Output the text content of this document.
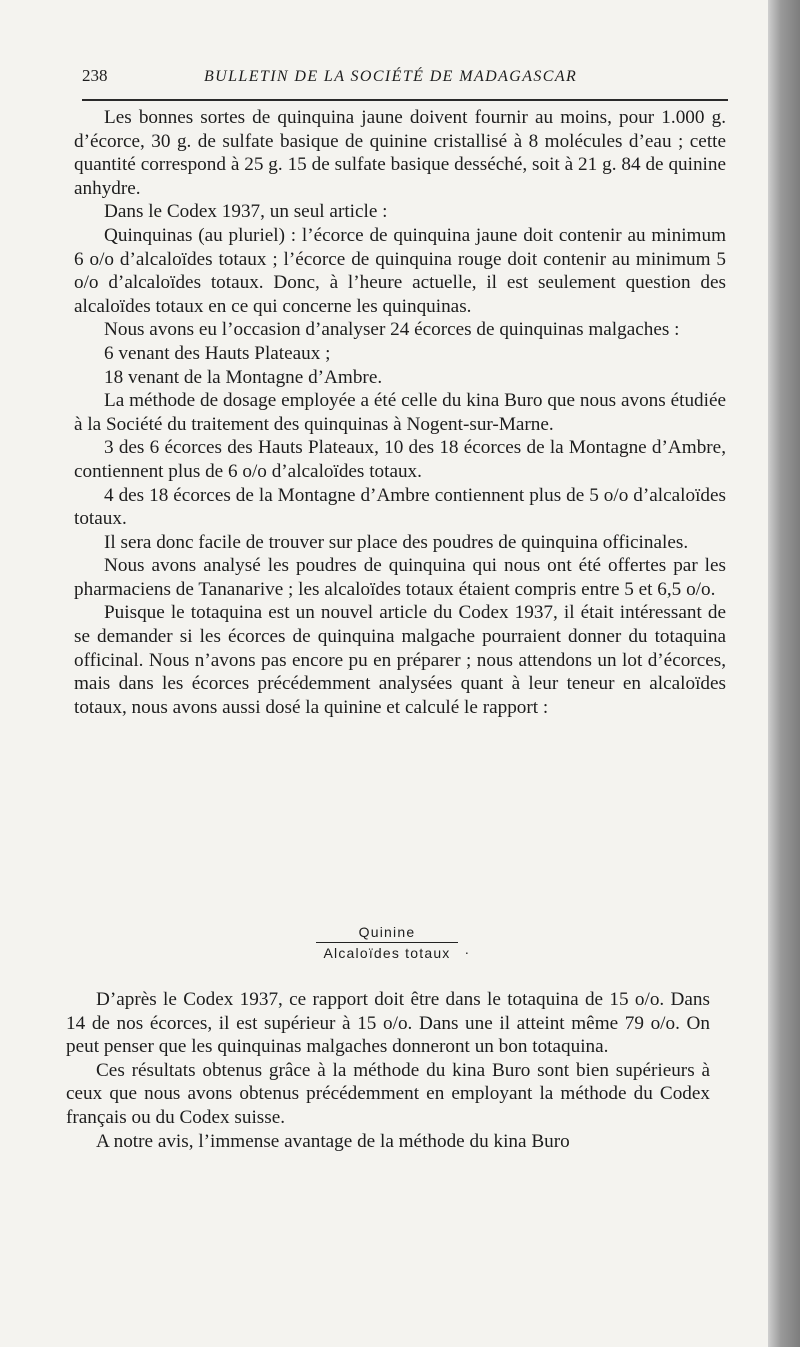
238	BULLETIN DE LA SOCIÉTÉ DE MADAGASCAR

Les bonnes sortes de quinquina jaune doivent fournir au moins, pour 1.000 g. d’écorce, 30 g. de sulfate basique de quinine cristallisé à 8 molécules d’eau ; cette quantité correspond à 25 g. 15 de sulfate basique desséché, soit à 21 g. 84 de quinine anhydre.

Dans le Codex 1937, un seul article :

Quinquinas (au pluriel) : l’écorce de quinquina jaune doit contenir au minimum 6 o/o d’alcaloïdes totaux ; l’écorce de quinquina rouge doit contenir au minimum 5 o/o d’alcaloïdes totaux. Donc, à l’heure actuelle, il est seulement question des alcaloïdes totaux en ce qui concerne les quinquinas.

Nous avons eu l’occasion d’analyser 24 écorces de quinquinas malgaches :

6 venant des Hauts Plateaux ;

18 venant de la Montagne d’Ambre.

La méthode de dosage employée a été celle du kina Buro que nous avons étudiée à la Société du traitement des quinquinas à Nogent-sur-Marne.

3 des 6 écorces des Hauts Plateaux, 10 des 18 écorces de la Montagne d’Ambre, contiennent plus de 6 o/o d’alcaloïdes totaux.

4 des 18 écorces de la Montagne d’Ambre contiennent plus de 5 o/o d’alcaloïdes totaux.

Il sera donc facile de trouver sur place des poudres de quinquina officinales.

Nous avons analysé les poudres de quinquina qui nous ont été offertes par les pharmaciens de Tananarive ; les alcaloïdes totaux étaient compris entre 5 et 6,5 o/o.

Puisque le totaquina est un nouvel article du Codex 1937, il était intéressant de se demander si les écorces de quinquina malgache pourraient donner du totaquina officinal. Nous n’avons pas encore pu en préparer ; nous attendons un lot d’écorces, mais dans les écorces précédemment analysées quant à leur teneur en alcaloïdes totaux, nous avons aussi dosé la quinine et calculé le rapport :

Quinine
Alcaloïdes totaux	.

D’après le Codex 1937, ce rapport doit être dans le totaquina de 15 o/o. Dans 14 de nos écorces, il est supérieur à 15 o/o. Dans une il atteint même 79 o/o. On peut penser que les quinquinas malgaches donneront un bon totaquina.

Ces résultats obtenus grâce à la méthode du kina Buro sont bien supérieurs à ceux que nous avons obtenus précédemment en employant la méthode du Codex français ou du Codex suisse.

A notre avis, l’immense avantage de la méthode du kina Buro
